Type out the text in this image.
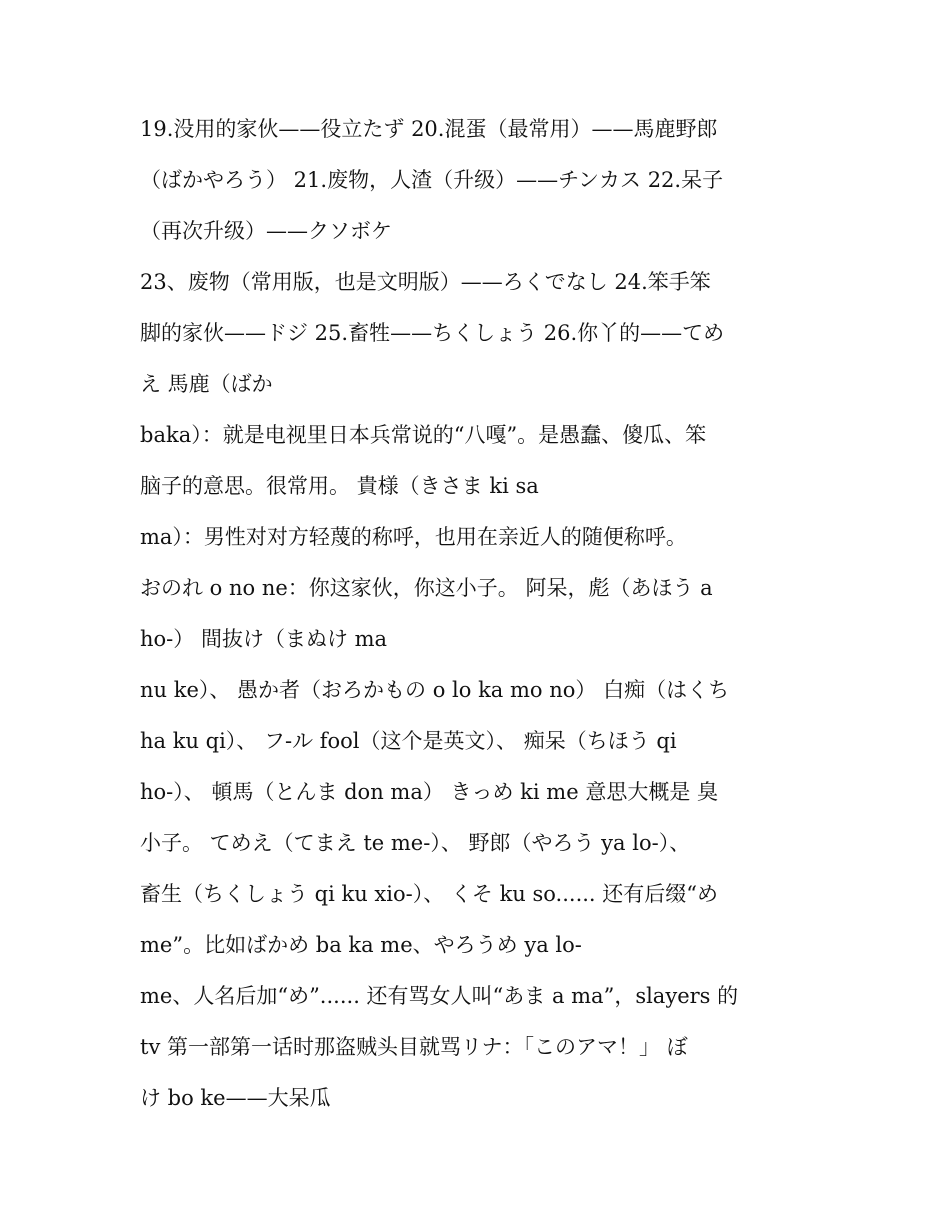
19.没用的家伙——役立たず 20.混蛋（最常用）——馬鹿野郎
（ばかやろう） 21.废物，人渣（升级）——チンカス 22.呆子
（再次升级）——クソボケ
23、废物（常用版，也是文明版）——ろくでなし 24.笨手笨
脚的家伙——ドジ 25.畜牲——ちくしょう 26.你丫的——てめ
え 馬鹿（ばか
baka）：就是电视里日本兵常说的“八嘎”。是愚蠢、傻瓜、笨
脑子的意思。很常用。 貴様（きさま ki sa
ma）：男性对对方轻蔑的称呼，也用在亲近人的随便称呼。
おのれ o no ne：你这家伙，你这小子。 阿呆，彪（あほう a
ho-） 間抜け（まぬけ ma
nu ke）、 愚か者（おろかもの o lo ka mo no） 白痴（はくち
ha ku qi）、 フ-ル fool（这个是英文）、 痴呆（ちほう qi
ho-）、 頓馬（とんま don ma） きっめ ki me 意思大概是 臭
小子。 てめえ（てまえ te me-）、 野郎（やろう ya lo-）、
畜生（ちくしょう qi ku xio-）、 くそ ku so...... 还有后缀“め
me”。比如ばかめ ba ka me、やろうめ ya lo-
me、人名后加“め”...... 还有骂女人叫“あま a ma”，slayers 的
tv 第一部第一话时那盗贼头目就骂リナ：「このアマ！」 ぼ
け bo ke——大呆瓜
